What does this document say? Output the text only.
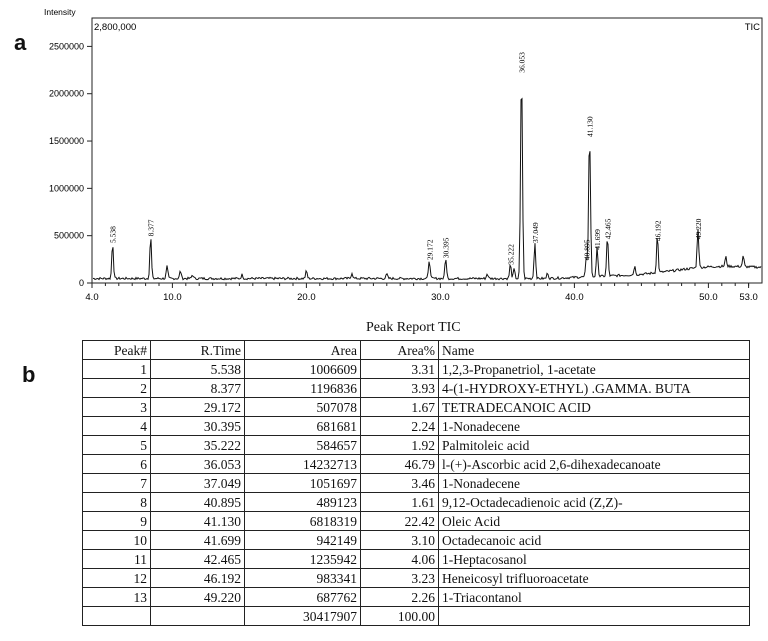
a
b
2500000
2000000
1500000
1000000
500000
0
4.0	10.0	20.0	30.0	40.0	50.0 53.0
Intensity
2,800,000	TIC
5.538	8.377
29.172 30.395	35.222
36.053
37.049
40.895
41.130
41.699
42.465	46.192	49.220
Peak Report TIC
Peak#	R.Time	Area	Area%	Name
1	5.538	1006609	3.31	1,2,3-Propanetriol, 1-acetate
2	8.377	1196836	3.93	4-(1-HYDROXY-ETHYL) .GAMMA. BUTA
3	29.172	507078	1.67	TETRADECANOIC ACID
4	30.395	681681	2.24	1-Nonadecene
5	35.222	584657	1.92	Palmitoleic acid
6	36.053	14232713	46.79	l-(+)-Ascorbic acid 2,6-dihexadecanoate
7	37.049	1051697	3.46	1-Nonadecene
8	40.895	489123	1.61	9,12-Octadecadienoic acid (Z,Z)-
9	41.130	6818319	22.42	Oleic Acid
10	41.699	942149	3.10	Octadecanoic acid
11	42.465	1235942	4.06	1-Heptacosanol
12	46.192	983341	3.23	Heneicosyl trifluoroacetate
13	49.220	687762	2.26	1-Triacontanol
		30417907	100.00	
